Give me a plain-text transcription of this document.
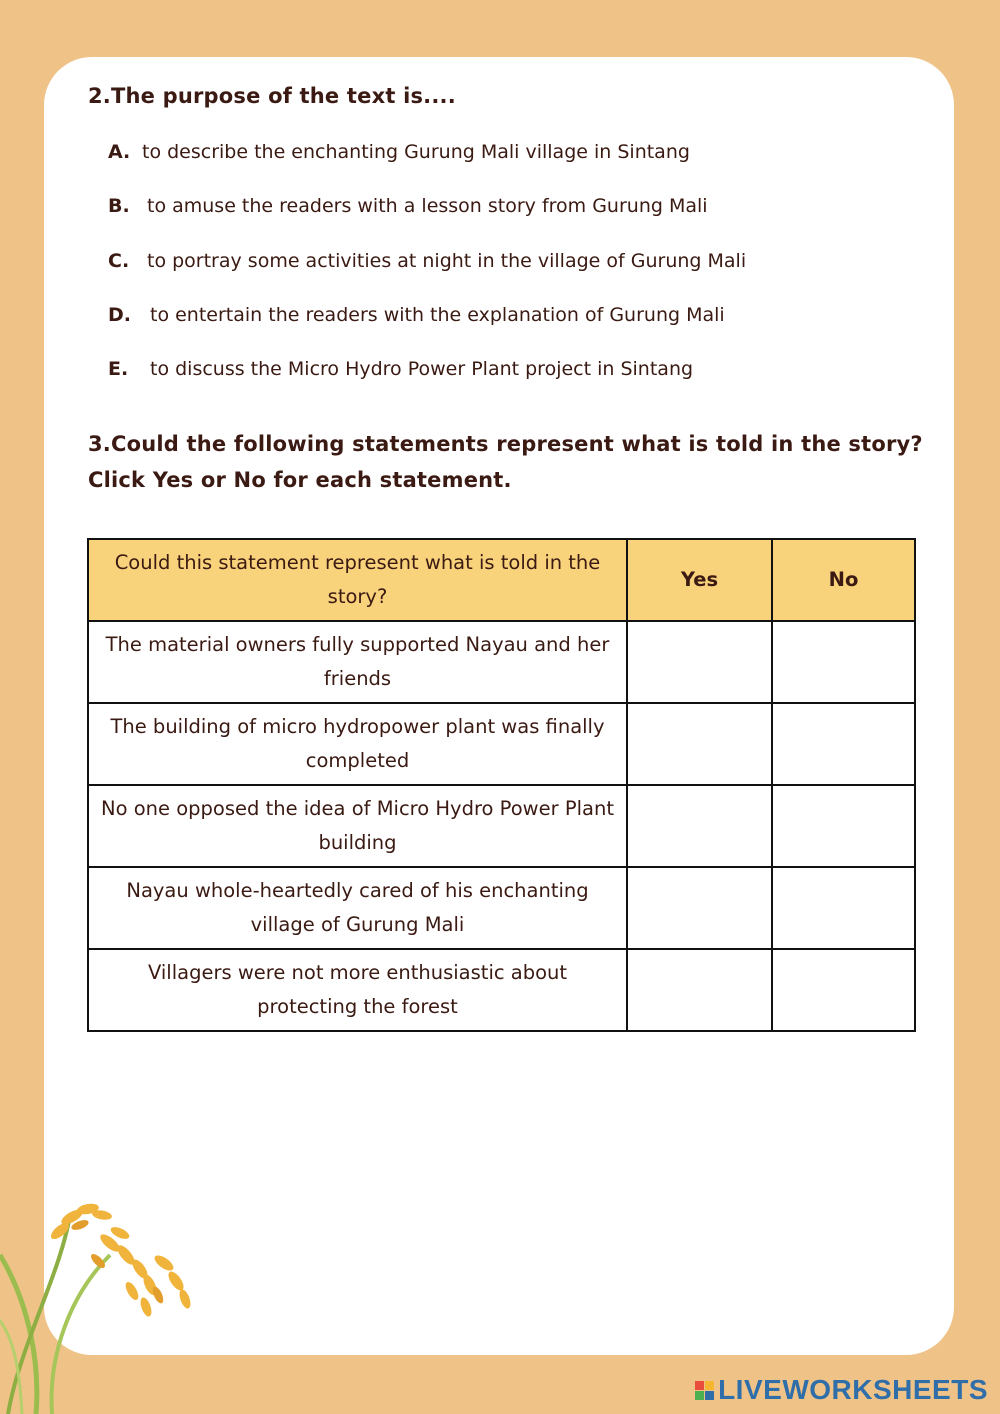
2.The purpose of the text is....
A. to describe the enchanting Gurung Mali village in Sintang
B. to amuse the readers with a lesson story from Gurung Mali
C. to portray some activities at night in the village of Gurung Mali
D. to entertain the readers with the explanation of Gurung Mali
E. to discuss the Micro Hydro Power Plant project in Sintang
3.Could the following statements represent what is told in the story?
Click Yes or No for each statement.
Could this statement represent what is told in the story?	Yes	No
The material owners fully supported Nayau and her friends		
The building of micro hydropower plant was finally completed		
No one opposed the idea of Micro Hydro Power Plant building		
Nayau whole-heartedly cared of his enchanting village of Gurung Mali		
Villagers were not more enthusiastic about protecting the forest		
LIVEWORKSHEETS
